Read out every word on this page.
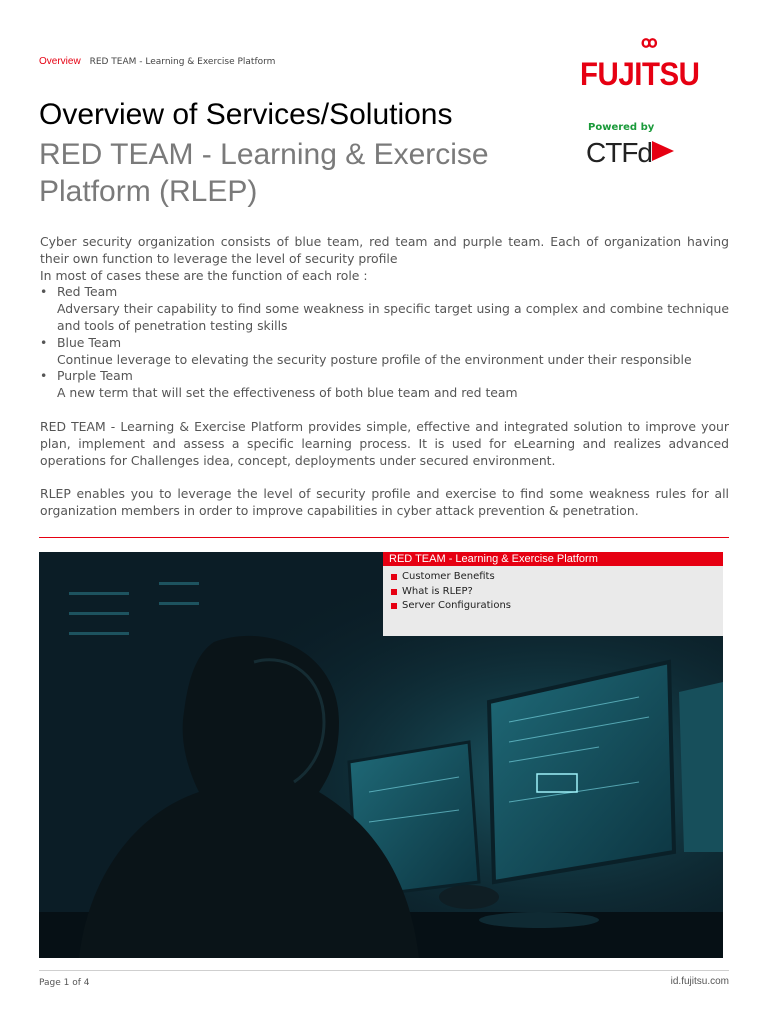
Overview RED TEAM - Learning & Exercise Platform	FUJITSU
Overview of Services/Solutions
RED TEAM - Learning & Exercise Platform (RLEP)
Powered by
CTFd

Cyber security organization consists of blue team, red team and purple team. Each of organization having their own function to leverage the level of security profile

In most of cases these are the function of each role :

• Red Team

Adversary their capability to find some weakness in specific target using a complex and combine technique and tools of penetration testing skills

• Blue Team

Continue leverage to elevating the security posture profile of the environment under their responsible

• Purple Team

A new term that will set the effectiveness of both blue team and red team

RED TEAM - Learning & Exercise Platform provides simple, effective and integrated solution to improve your plan, implement and assess a specific learning process. It is used for eLearning and realizes advanced operations for Challenges idea, concept, deployments under secured environment.

RLEP enables you to leverage the level of security profile and exercise to find some weakness rules for all organization members in order to improve capabilities in cyber attack prevention & penetration.

RED TEAM - Learning & Exercise Platform
Customer Benefits
What is RLEP?
Server Configurations
Page 1 of 4	id.fujitsu.com
